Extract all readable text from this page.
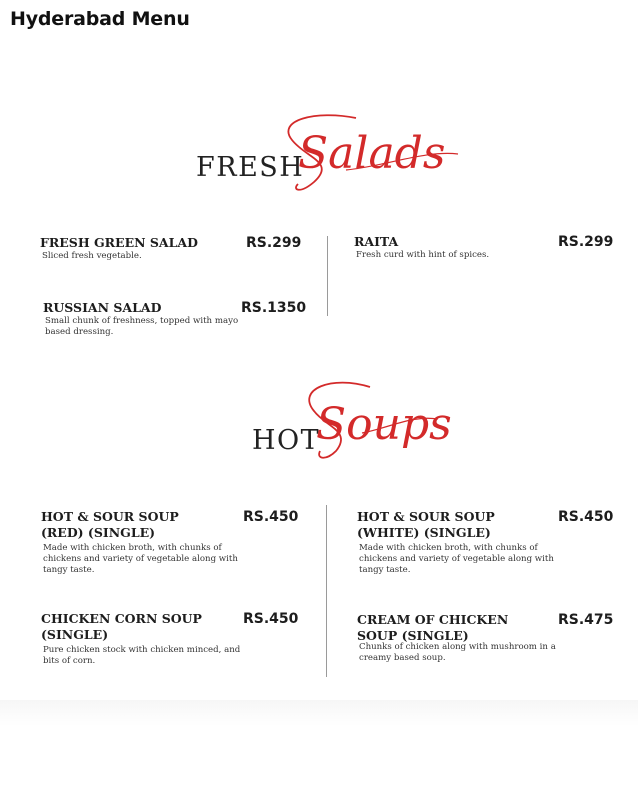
Hyderabad Menu
FRESH
Salads
FRESH GREEN SALAD	RS.299
Sliced fresh vegetable.
RAITA	RS.299
Fresh curd with hint of spices.
RUSSIAN SALAD	RS.1350
Small chunk of freshness, topped with mayo based dressing.
HOT
Soups
HOT & SOUR SOUP (RED) (SINGLE)
RS.450
Made with chicken broth, with chunks of chickens and variety of vegetable along with tangy taste.
HOT & SOUR SOUP (WHITE) (SINGLE)
RS.450
Made with chicken broth, with chunks of chickens and variety of vegetable along with tangy taste.
CHICKEN CORN SOUP (SINGLE)
RS.450
Pure chicken stock with chicken minced, and bits of corn.
CREAM OF CHICKEN SOUP (SINGLE)
RS.475
Chunks of chicken along with mushroom in a creamy based soup.
